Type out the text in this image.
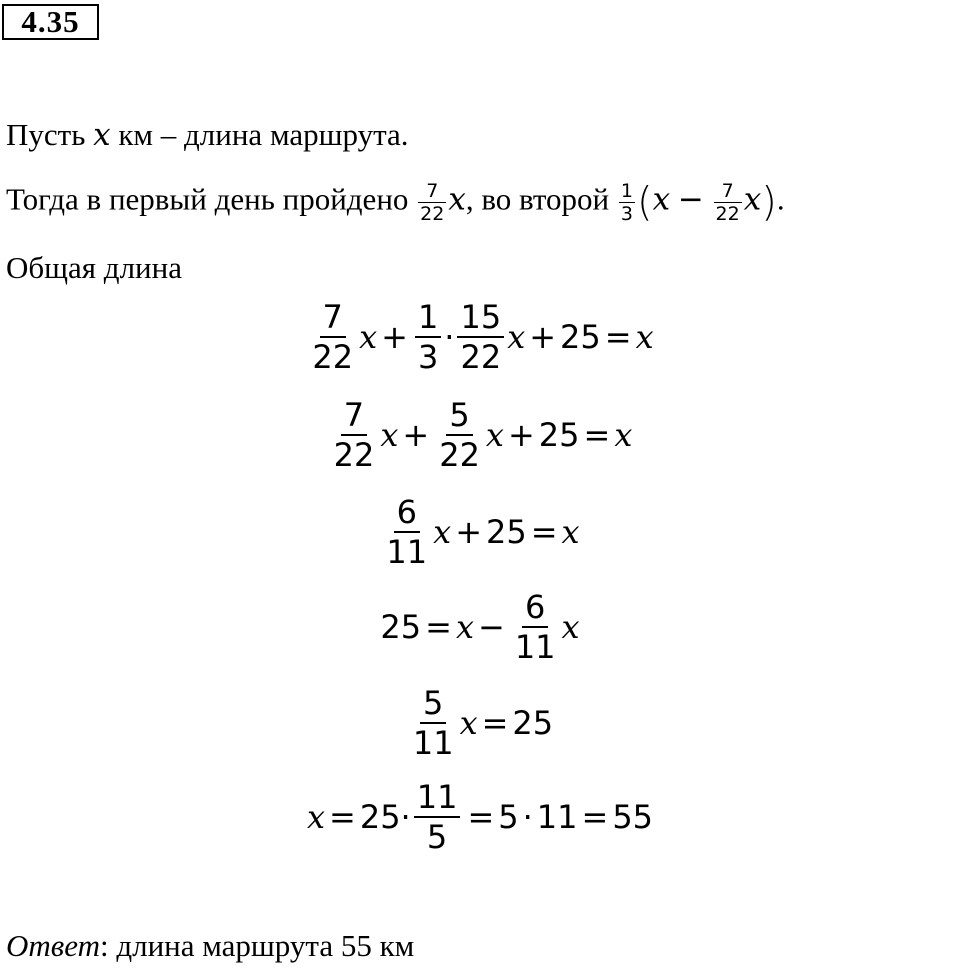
4.35
Пусть x км – длина маршрута.
Тогда в первый день пройдено $\frac{7}{22} x$, во второй $\frac{1}{3} (x - \frac{7}{22} x)$.
Общая длина
$\frac{7}{22}$ $x + \frac{1}{3} \cdot \frac{15}{22}$ x + 25 = x
$\frac{7}{22}$ $x + \frac{5}{22}$ x + 25 = x
$\frac{6}{11}$ x + 25 = x
$25 = x - \frac{6}{11}$ x
$\frac{5}{11}$ x = 25
$x = 25 \cdot \frac{11}{5} = 5 \cdot 11 = 55$
Ответ: длина маршрута 55 км
